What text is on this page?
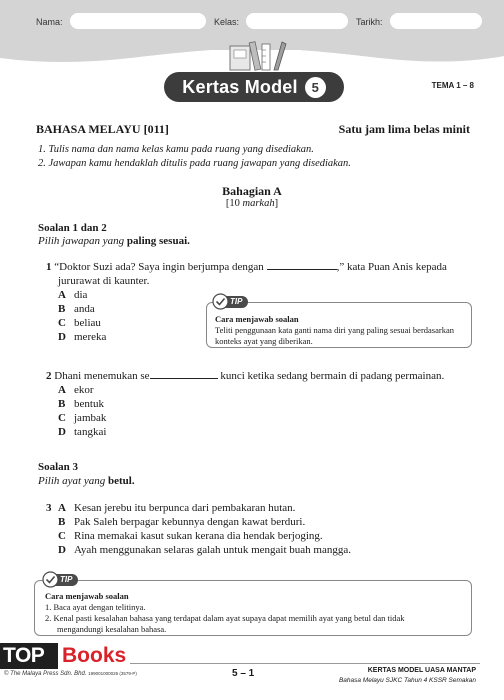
Nama:	Kelas:	Tarikh:
Kertas Model	5	TEMA 1 – 8
BAHASA MELAYU [011]	Satu jam lima belas minit
1. Tulis nama dan nama kelas kamu pada ruang yang disediakan.
2. Jawapan kamu hendaklah ditulis pada ruang jawapan yang disediakan.
Bahagian A
[10 markah]
Soalan 1 dan 2
Pilih jawapan yang paling sesuai.
1 “Doktor Suzi ada? Saya ingin berjumpa dengan	,” kata Puan Anis kepada
jururawat di kaunter.
A dia
B anda
C beliau
D mereka
Cara menjawab soalan
Teliti penggunaan kata ganti nama diri yang paling sesuai berdasarkan konteks ayat yang diberikan.
TIP
2 Dhani menemukan se	kunci ketika sedang bermain di padang permainan.
A ekor
B bentuk
C jambak
D tangkai
Soalan 3
Pilih ayat yang betul.
3 A Kesan jerebu itu berpunca dari pembakaran hutan.
B Pak Saleh berpagar kebunnya dengan kawat berduri.
C Rina memakai kasut sukan kerana dia hendak berjoging.
D Ayah menggunakan selaras galah untuk mengait buah mangga.
Cara menjawab soalan
1. Baca ayat dengan telitinya.
2. Kenal pasti kesalahan bahasa yang terdapat dalam ayat supaya dapat memilih ayat yang betul dan tidak
mengandungi kesalahan bahasa.
TIP
TOP Books
© The Malaya Press Sdn. Bhd. 199001000026 (3579-P)	5 – 1	KERTAS MODEL UASA MANTAP
Bahasa Melayu SJKC Tahun 4 KSSR Semakan
